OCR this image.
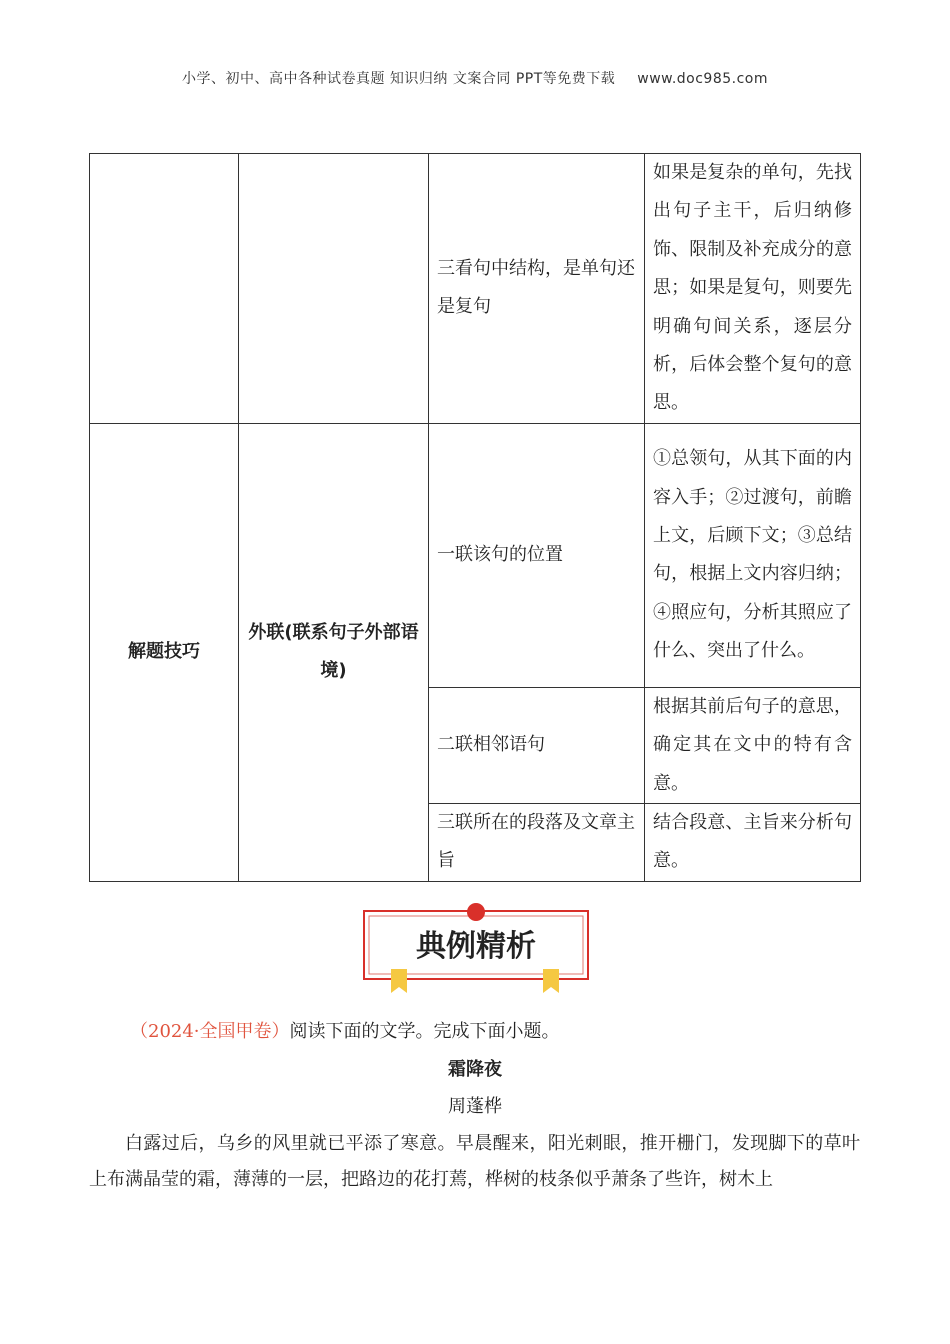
小学、初中、高中各种试卷真题 知识归纳 文案合同 PPT等免费下载 www.doc985.com
		三看句中结构，是单句还是复句	如果是复杂的单句，先找出句子主干，后归纳修饰、限制及补充成分的意思；如果是复句，则要先明确句间关系，逐层分析，后体会整个复句的意思。
解题技巧	外联(联系句子外部语境)	一联该句的位置	①总领句，从其下面的内容入手；②过渡句，前瞻上文，后顾下文；③总结句，根据上文内容归纳；④照应句，分析其照应了什么、突出了什么。
		二联相邻语句	根据其前后句子的意思，确定其在文中的特有含意。
		三联所在的段落及文章主旨	结合段意、主旨来分析句意。
典例精析
（2024·全国甲卷）阅读下面的文学。完成下面小题。
霜降夜
周蓬桦

白露过后，乌乡的风里就已平添了寒意。早晨醒来，阳光刺眼，推开栅门，发现脚下的草叶上布满晶莹的霜，薄薄的一层，把路边的花打蔫，桦树的枝条似乎萧条了些许，树木上
